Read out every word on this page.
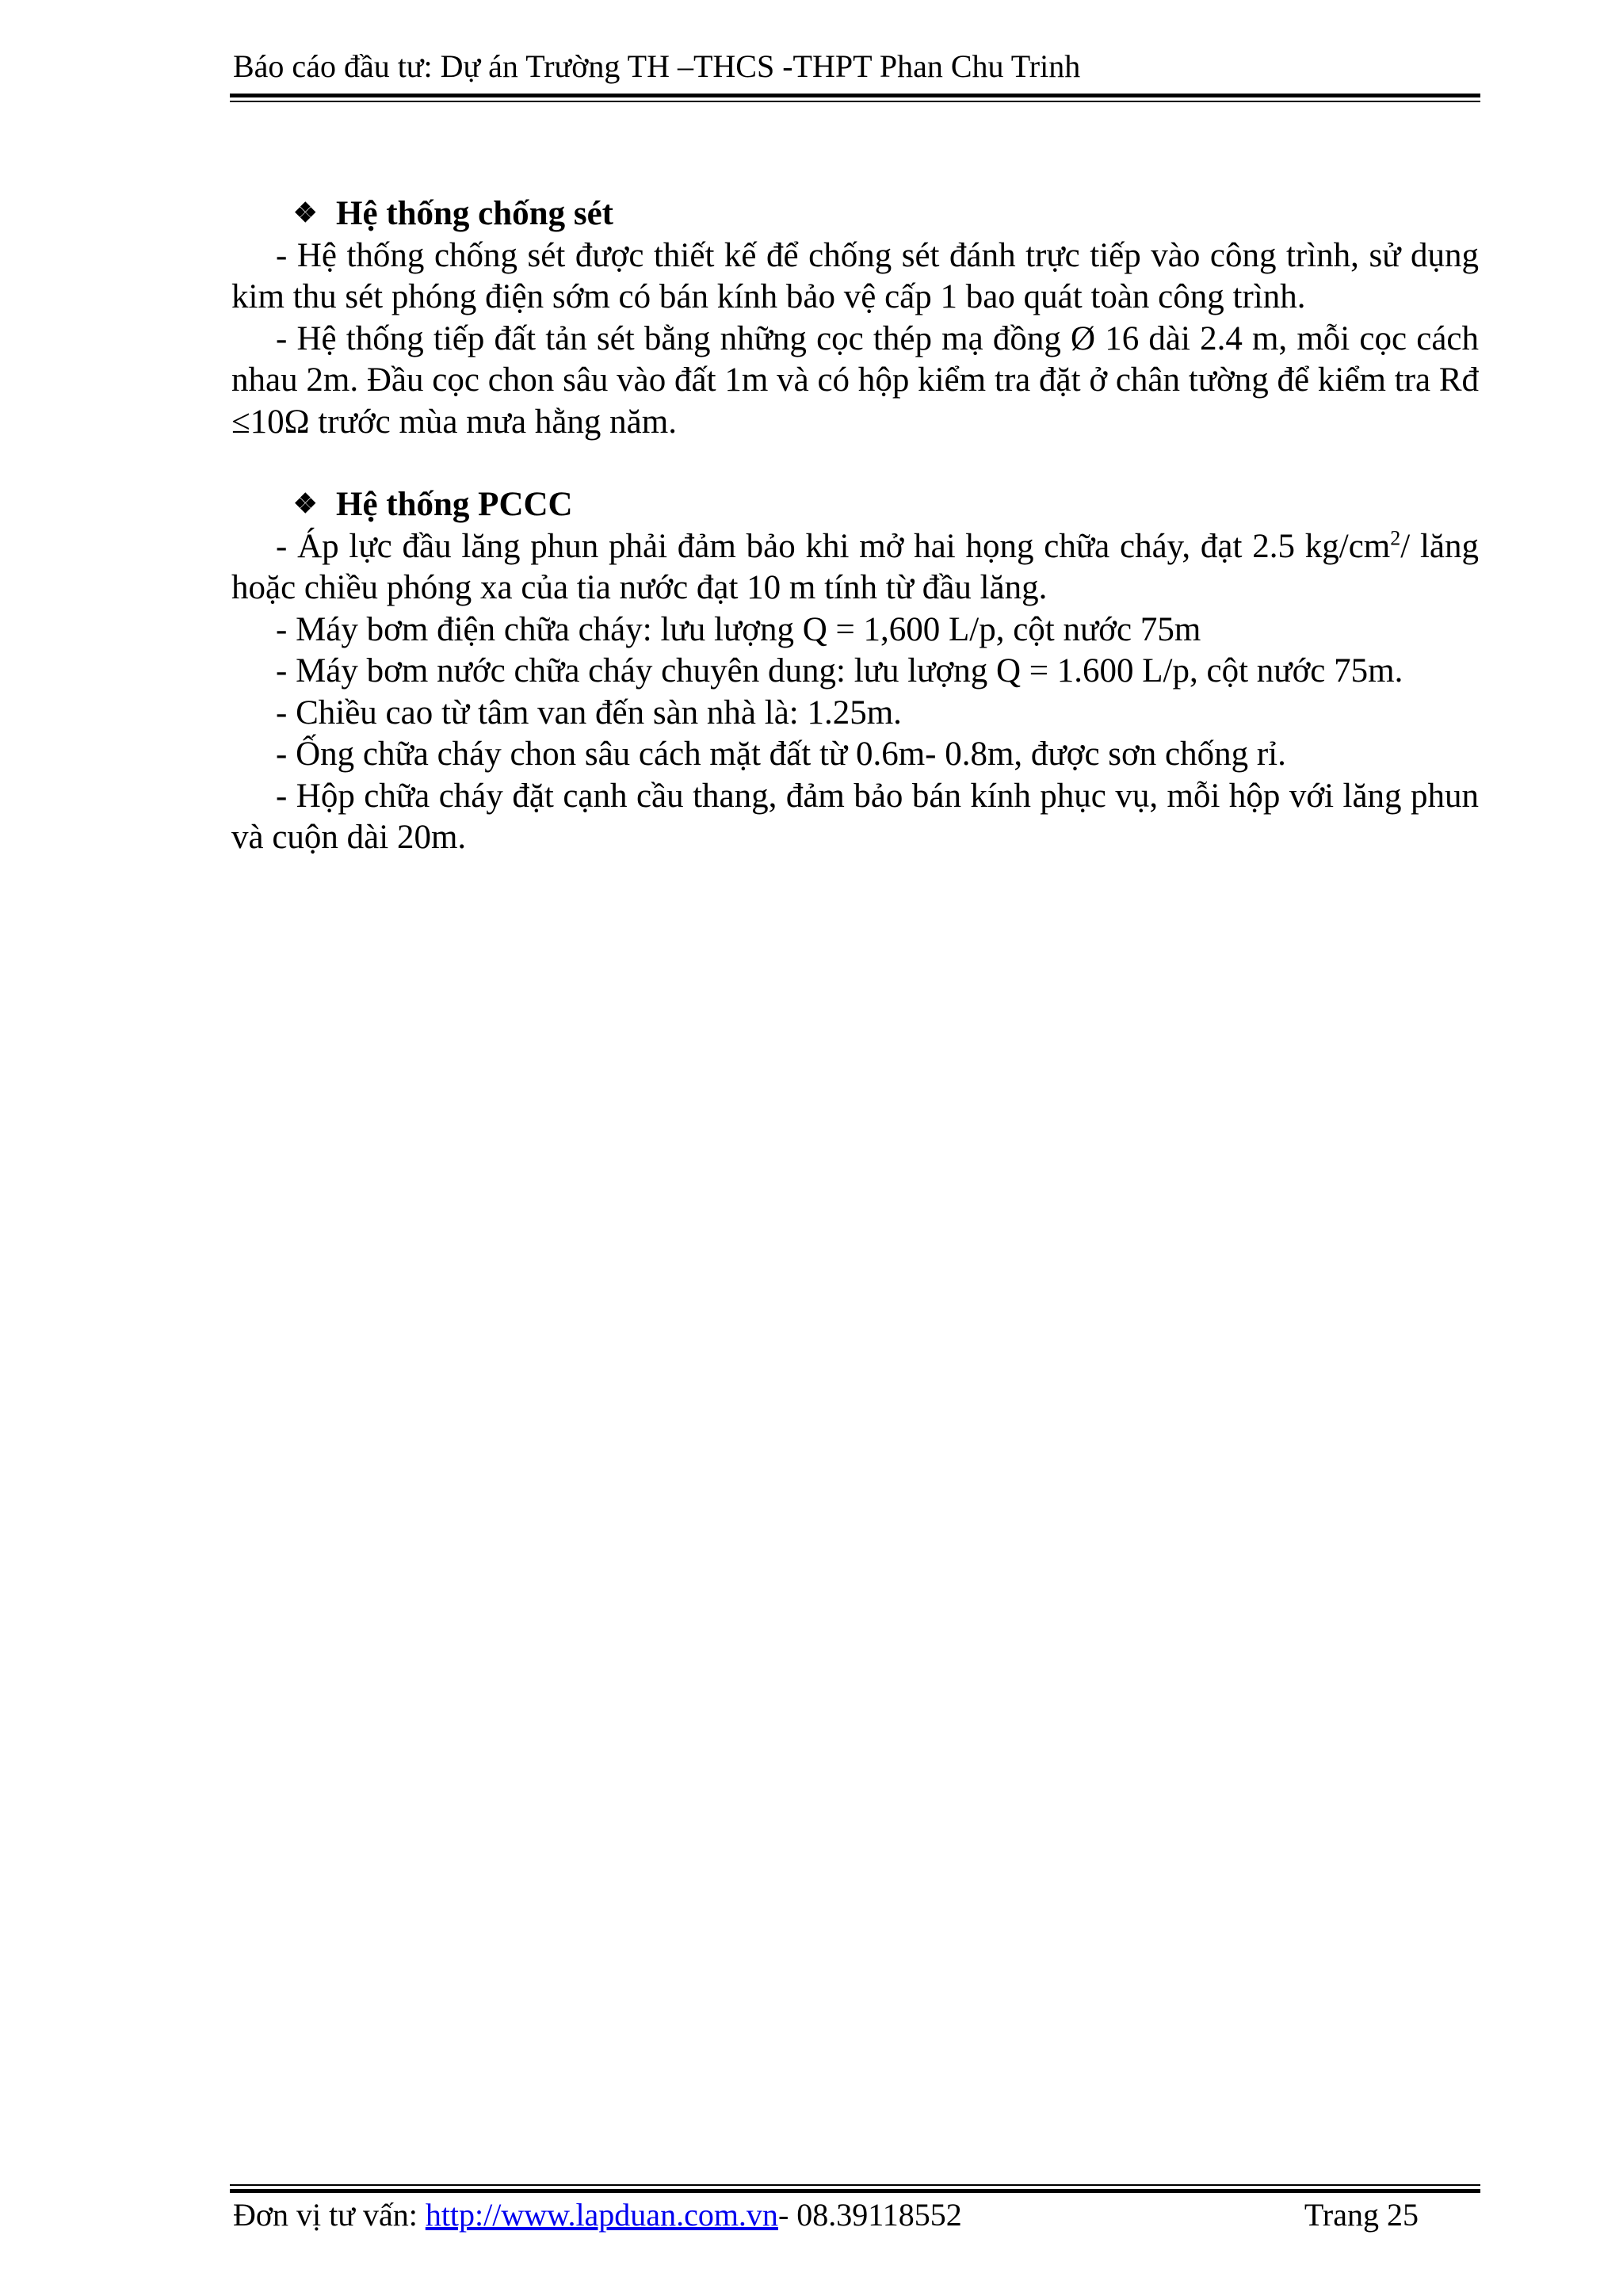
Báo cáo đầu tư: Dự án Trường TH –THCS -THPT Phan Chu Trinh
❖ Hệ thống chống sét

- Hệ thống chống sét được thiết kế để chống sét đánh trực tiếp vào công trình, sử dụng kim thu sét phóng điện sớm có bán kính bảo vệ cấp 1 bao quát toàn công trình.

- Hệ thống tiếp đất tản sét bằng những cọc thép mạ đồng Ø 16 dài 2.4 m, mỗi cọc cách nhau 2m. Đầu cọc chon sâu vào đất 1m và có hộp kiểm tra đặt ở chân tường để kiểm tra Rđ ≤10Ω trước mùa mưa hằng năm.

❖ Hệ thống PCCC

- Áp lực đầu lăng phun phải đảm bảo khi mở hai họng chữa cháy, đạt 2.5 $kg/cm^2/$ lăng hoặc chiều phóng xa của tia nước đạt 10 m tính từ đầu lăng.

- Máy bơm điện chữa cháy: lưu lượng Q = 1,600 L/p, cột nước 75m

- Máy bơm nước chữa cháy chuyên dung: lưu lượng Q = 1.600 L/p, cột nước 75m.

- Chiều cao từ tâm van đến sàn nhà là: 1.25m.

- Ống chữa cháy chon sâu cách mặt đất từ 0.6m- 0.8m, được sơn chống rỉ.

- Hộp chữa cháy đặt cạnh cầu thang, đảm bảo bán kính phục vụ, mỗi hộp với lăng phun và cuộn dài 20m.

Đơn vị tư vấn: http://www.lapduan.com.vn- 08.39118552	Trang 25
